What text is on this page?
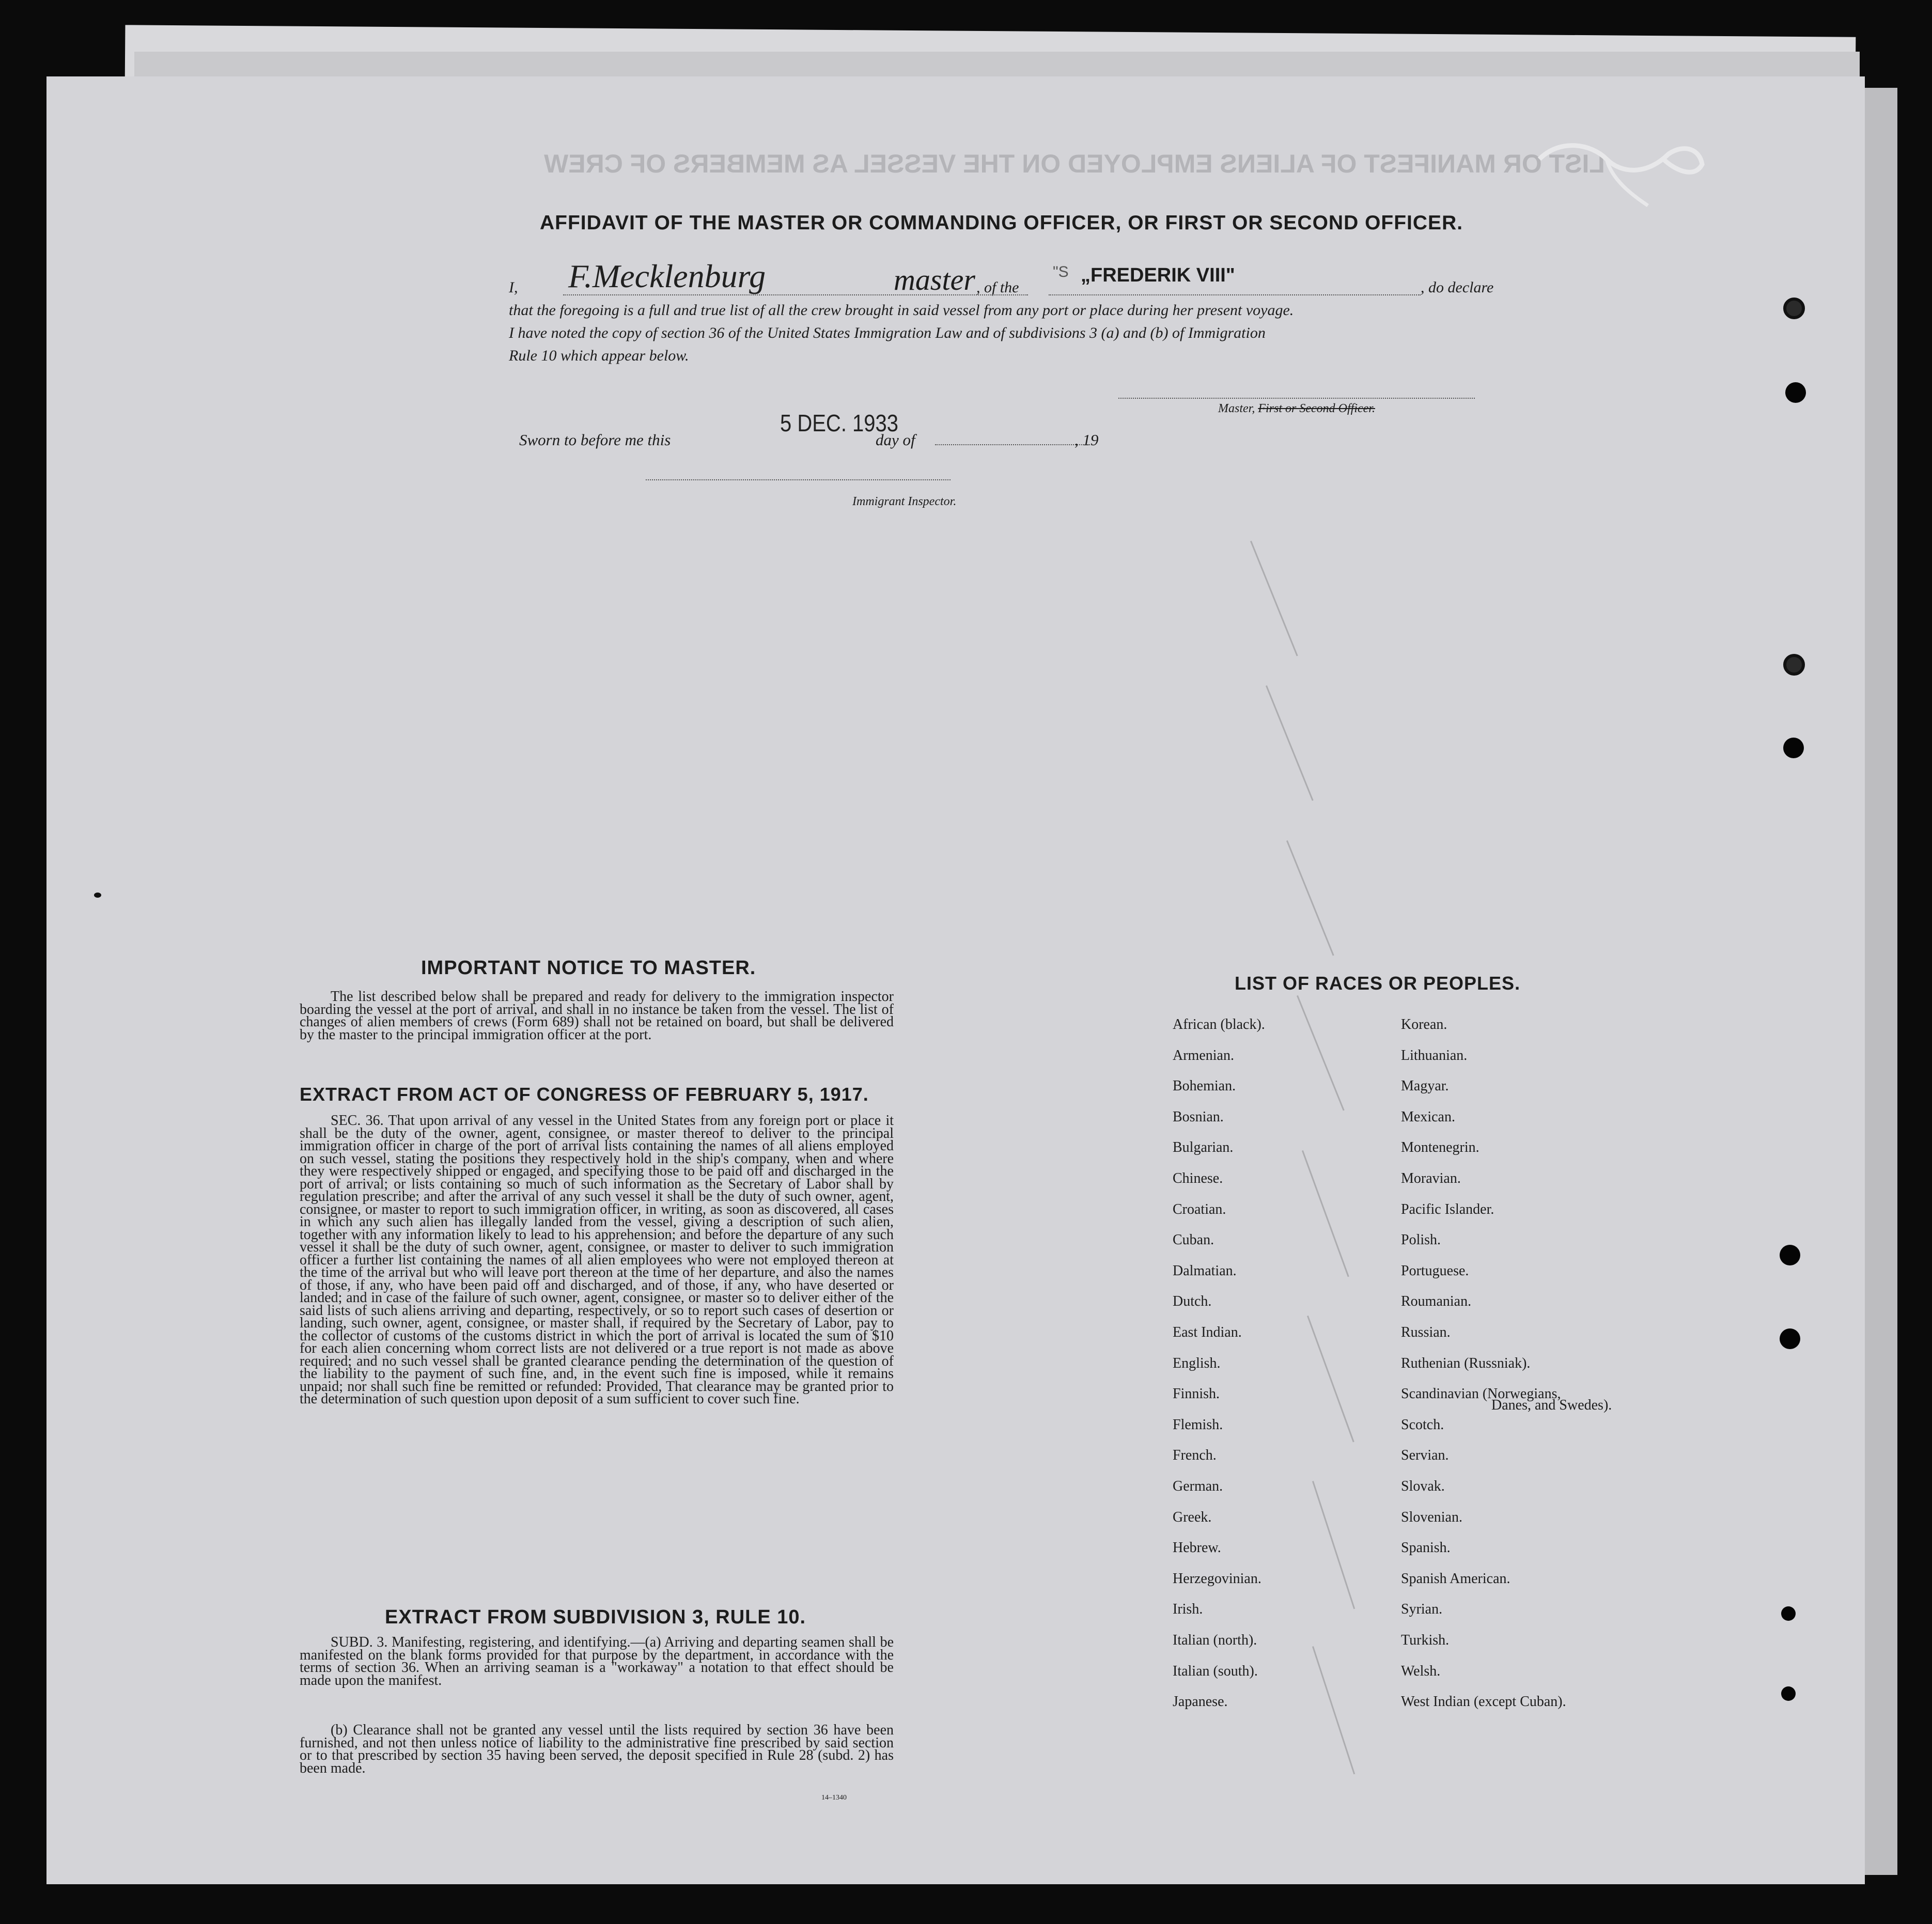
LIST OR MANIFEST OF ALIENS EMPLOYED ON THE VESSEL AS MEMBERS OF CREW
AFFIDAVIT OF THE MASTER OR COMMANDING OFFICER, OR FIRST OR SECOND OFFICER.
I, F.Mecklenburg	master , of the
"S „FREDERIK VIII"
, do declare
that the foregoing is a full and true list of all the crew brought in said vessel from any port or place during her present voyage.
I have noted the copy of section 36 of the United States Immigration Law and of subdivisions 3 (a) and (b) of Immigration
Rule 10 which appear below.
Master, First or Second Officer.
Sworn to before me this
5 DEC. 1933
day of	, 19
Immigrant Inspector.
IMPORTANT NOTICE TO MASTER.
The list described below shall be prepared and ready for delivery to the immigration inspector boarding the vessel at the port of arrival, and shall in no instance be taken from the vessel. The list of changes of alien members of crews (Form 689) shall not be retained on board, but shall be delivered by the master to the principal immigration officer at the port.
EXTRACT FROM ACT OF CONGRESS OF FEBRUARY 5, 1917.
SEC. 36. That upon arrival of any vessel in the United States from any foreign port or place it shall be the duty of the owner, agent, consignee, or master thereof to deliver to the principal immigration officer in charge of the port of arrival lists containing the names of all aliens employed on such vessel, stating the positions they respectively hold in the ship's company, when and where they were respectively shipped or engaged, and specifying those to be paid off and discharged in the port of arrival; or lists containing so much of such information as the Secretary of Labor shall by regulation prescribe; and after the arrival of any such vessel it shall be the duty of such owner, agent, consignee, or master to report to such immigration officer, in writing, as soon as discovered, all cases in which any such alien has illegally landed from the vessel, giving a description of such alien, together with any information likely to lead to his apprehension; and before the departure of any such vessel it shall be the duty of such owner, agent, consignee, or master to deliver to such immigration officer a further list containing the names of all alien employees who were not employed thereon at the time of the arrival but who will leave port thereon at the time of her departure, and also the names of those, if any, who have been paid off and discharged, and of those, if any, who have deserted or landed; and in case of the failure of such owner, agent, consignee, or master so to deliver either of the said lists of such aliens arriving and departing, respectively, or so to report such cases of desertion or landing, such owner, agent, consignee, or master shall, if required by the Secretary of Labor, pay to the collector of customs of the customs district in which the port of arrival is located the sum of $10 for each alien concerning whom correct lists are not delivered or a true report is not made as above required; and no such vessel shall be granted clearance pending the determination of the question of the liability to the payment of such fine, and, in the event such fine is imposed, while it remains unpaid; nor shall such fine be remitted or refunded: Provided, That clearance may be granted prior to the determination of such question upon deposit of a sum sufficient to cover such fine.
EXTRACT FROM SUBDIVISION 3, RULE 10.
SUBD. 3. Manifesting, registering, and identifying.—(a) Arriving and departing seamen shall be manifested on the blank forms provided for that purpose by the department, in accordance with the terms of section 36. When an arriving seaman is a "workaway" a notation to that effect should be made upon the manifest.
(b) Clearance shall not be granted any vessel until the lists required by section 36 have been furnished, and not then unless notice of liability to the administrative fine prescribed by said section or to that prescribed by section 35 having been served, the deposit specified in Rule 28 (subd. 2) has been made.
14–1340
LIST OF RACES OR PEOPLES.
African (black).
Armenian.
Bohemian.
Bosnian.
Bulgarian.
Chinese.
Croatian.
Cuban.
Dalmatian.
Dutch.
East Indian.
English.
Finnish.
Flemish.
French.
German.
Greek.
Hebrew.
Herzegovinian.
Irish.
Italian (north).
Italian (south).
Japanese.
Korean.
Lithuanian.
Magyar.
Mexican.
Montenegrin.
Moravian.
Pacific Islander.
Polish.
Portuguese.
Roumanian.
Russian.
Ruthenian (Russniak).
Scandinavian (Norwegians,
Scotch.
Servian.
Slovak.
Slovenian.
Spanish.
Spanish American.
Syrian.
Turkish.
Welsh.
West Indian (except Cuban).
Danes, and Swedes).
